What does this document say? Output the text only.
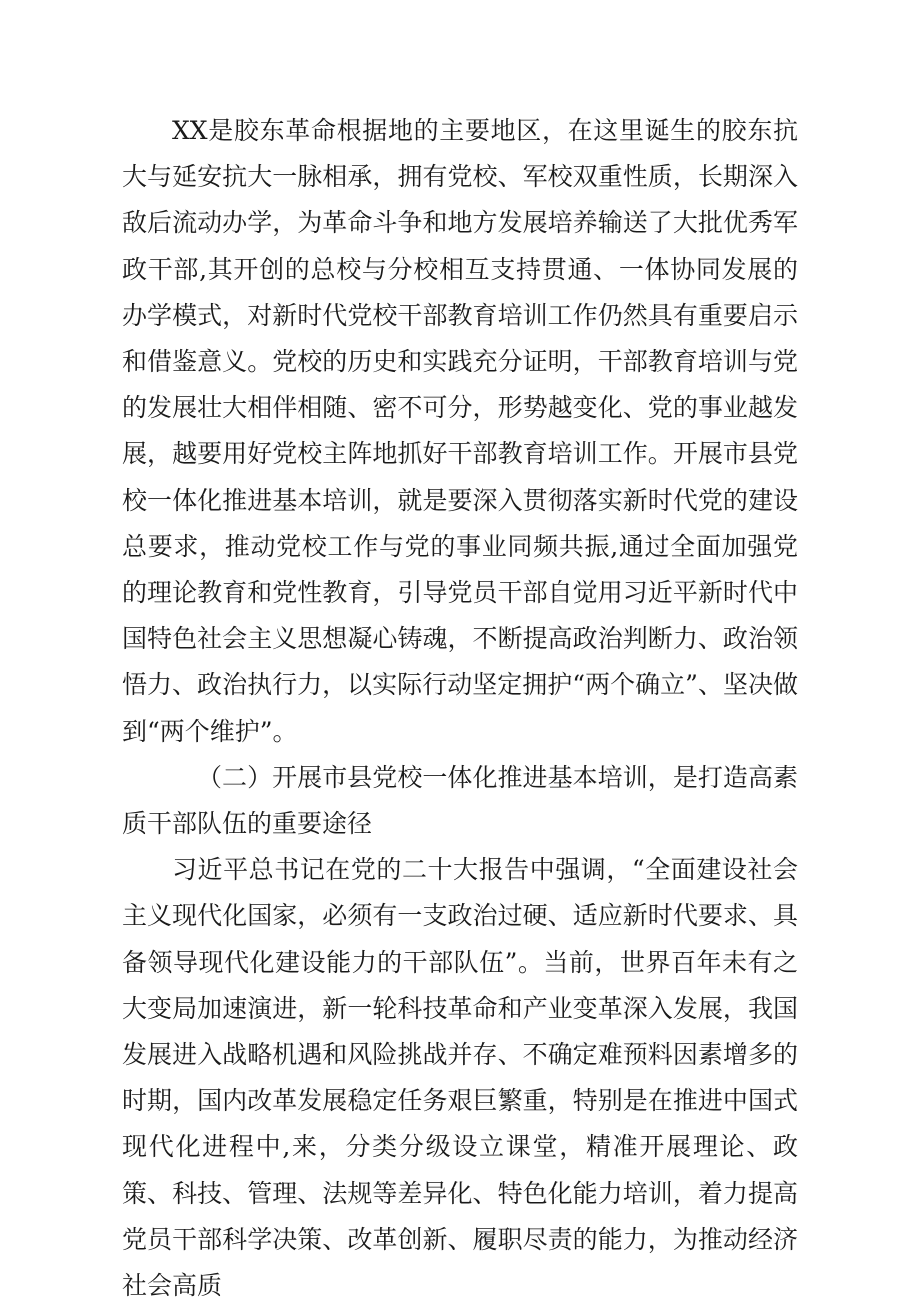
XX是胶东革命根据地的主要地区，在这里诞生的胶东抗大与延安抗大一脉相承，拥有党校、军校双重性质，长期深入敌后流动办学，为革命斗争和地方发展培养输送了大批优秀军政干部,其开创的总校与分校相互支持贯通、一体协同发展的办学模式，对新时代党校干部教育培训工作仍然具有重要启示和借鉴意义。党校的历史和实践充分证明，干部教育培训与党的发展壮大相伴相随、密不可分，形势越变化、党的事业越发展，越要用好党校主阵地抓好干部教育培训工作。开展市县党校一体化推进基本培训，就是要深入贯彻落实新时代党的建设总要求，推动党校工作与党的事业同频共振,通过全面加强党的理论教育和党性教育，引导党员干部自觉用习近平新时代中国特色社会主义思想凝心铸魂，不断提高政治判断力、政治领悟力、政治执行力，以实际行动坚定拥护“两个确立”、坚决做到“两个维护”。

（二）开展市县党校一体化推进基本培训，是打造高素质干部队伍的重要途径

习近平总书记在党的二十大报告中强调，“全面建设社会主义现代化国家，必须有一支政治过硬、适应新时代要求、具备领导现代化建设能力的干部队伍”。当前，世界百年未有之大变局加速演进，新一轮科技革命和产业变革深入发展，我国发展进入战略机遇和风险挑战并存、不确定难预料因素增多的时期，国内改革发展稳定任务艰巨繁重，特别是在推进中国式现代化进程中,来，分类分级设立课堂，精准开展理论、政策、科技、管理、法规等差异化、特色化能力培训，着力提高党员干部科学决策、改革创新、履职尽责的能力，为推动经济社会高质
